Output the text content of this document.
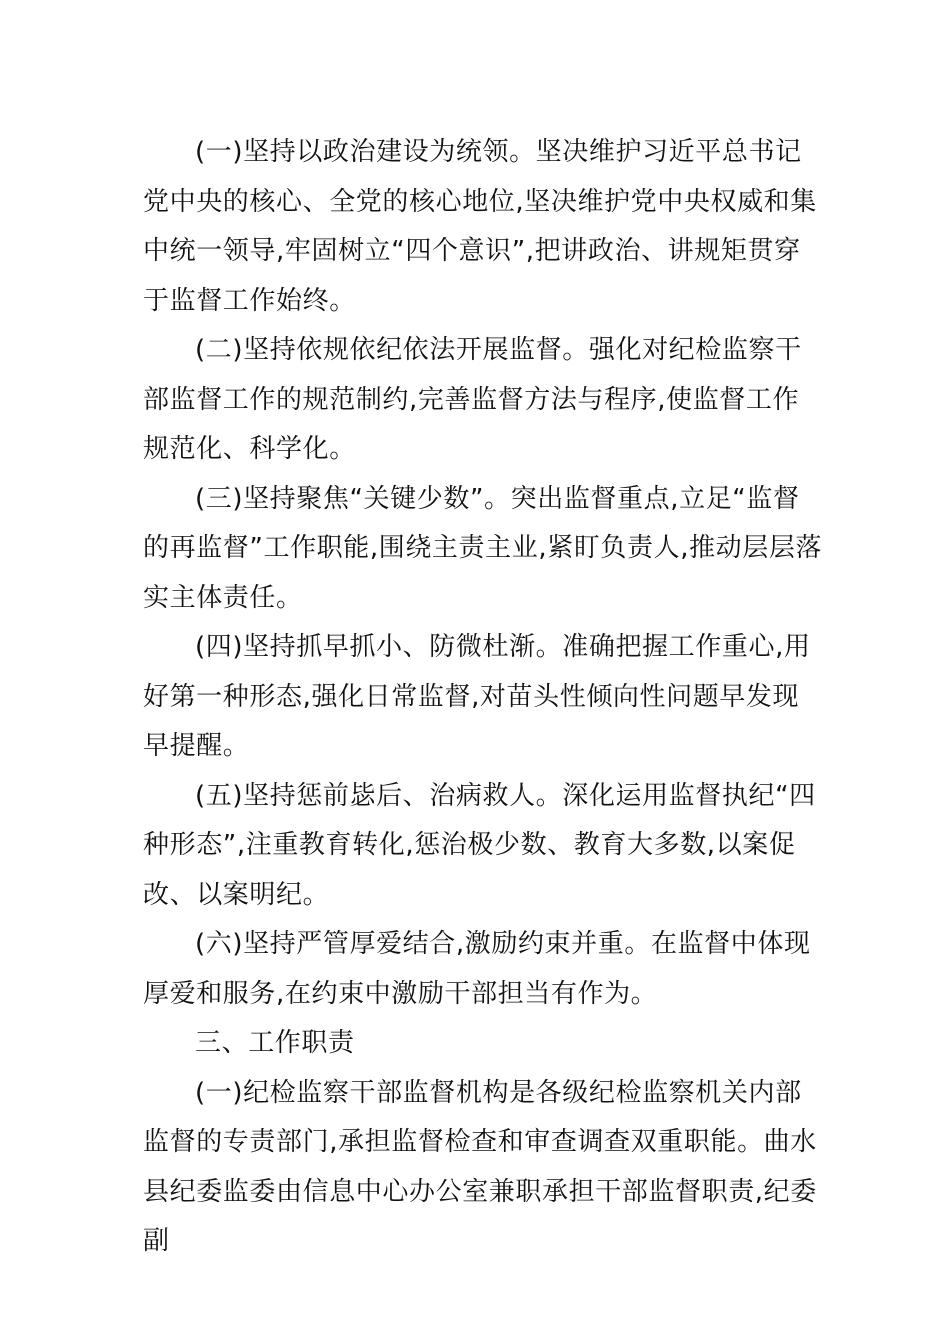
(一)坚持以政治建设为统领。坚决维护习近平总书记党中央的核心、全党的核心地位,坚决维护党中央权威和集中统一领导,牢固树立“四个意识”,把讲政治、讲规矩贯穿于监督工作始终。

(二)坚持依规依纪依法开展监督。强化对纪检监察干部监督工作的规范制约,完善监督方法与程序,使监督工作规范化、科学化。

(三)坚持聚焦“关键少数”。突出监督重点,立足“监督的再监督”工作职能,围绕主责主业,紧盯负责人,推动层层落实主体责任。

(四)坚持抓早抓小、防微杜渐。准确把握工作重心,用好第一种形态,强化日常监督,对苗头性倾向性问题早发现早提醒。

(五)坚持惩前毖后、治病救人。深化运用监督执纪“四种形态”,注重教育转化,惩治极少数、教育大多数,以案促改、以案明纪。

(六)坚持严管厚爱结合,激励约束并重。在监督中体现厚爱和服务,在约束中激励干部担当有作为。

三、工作职责

(一)纪检监察干部监督机构是各级纪检监察机关内部监督的专责部门,承担监督检查和审查调查双重职能。曲水县纪委监委由信息中心办公室兼职承担干部监督职责,纪委副
